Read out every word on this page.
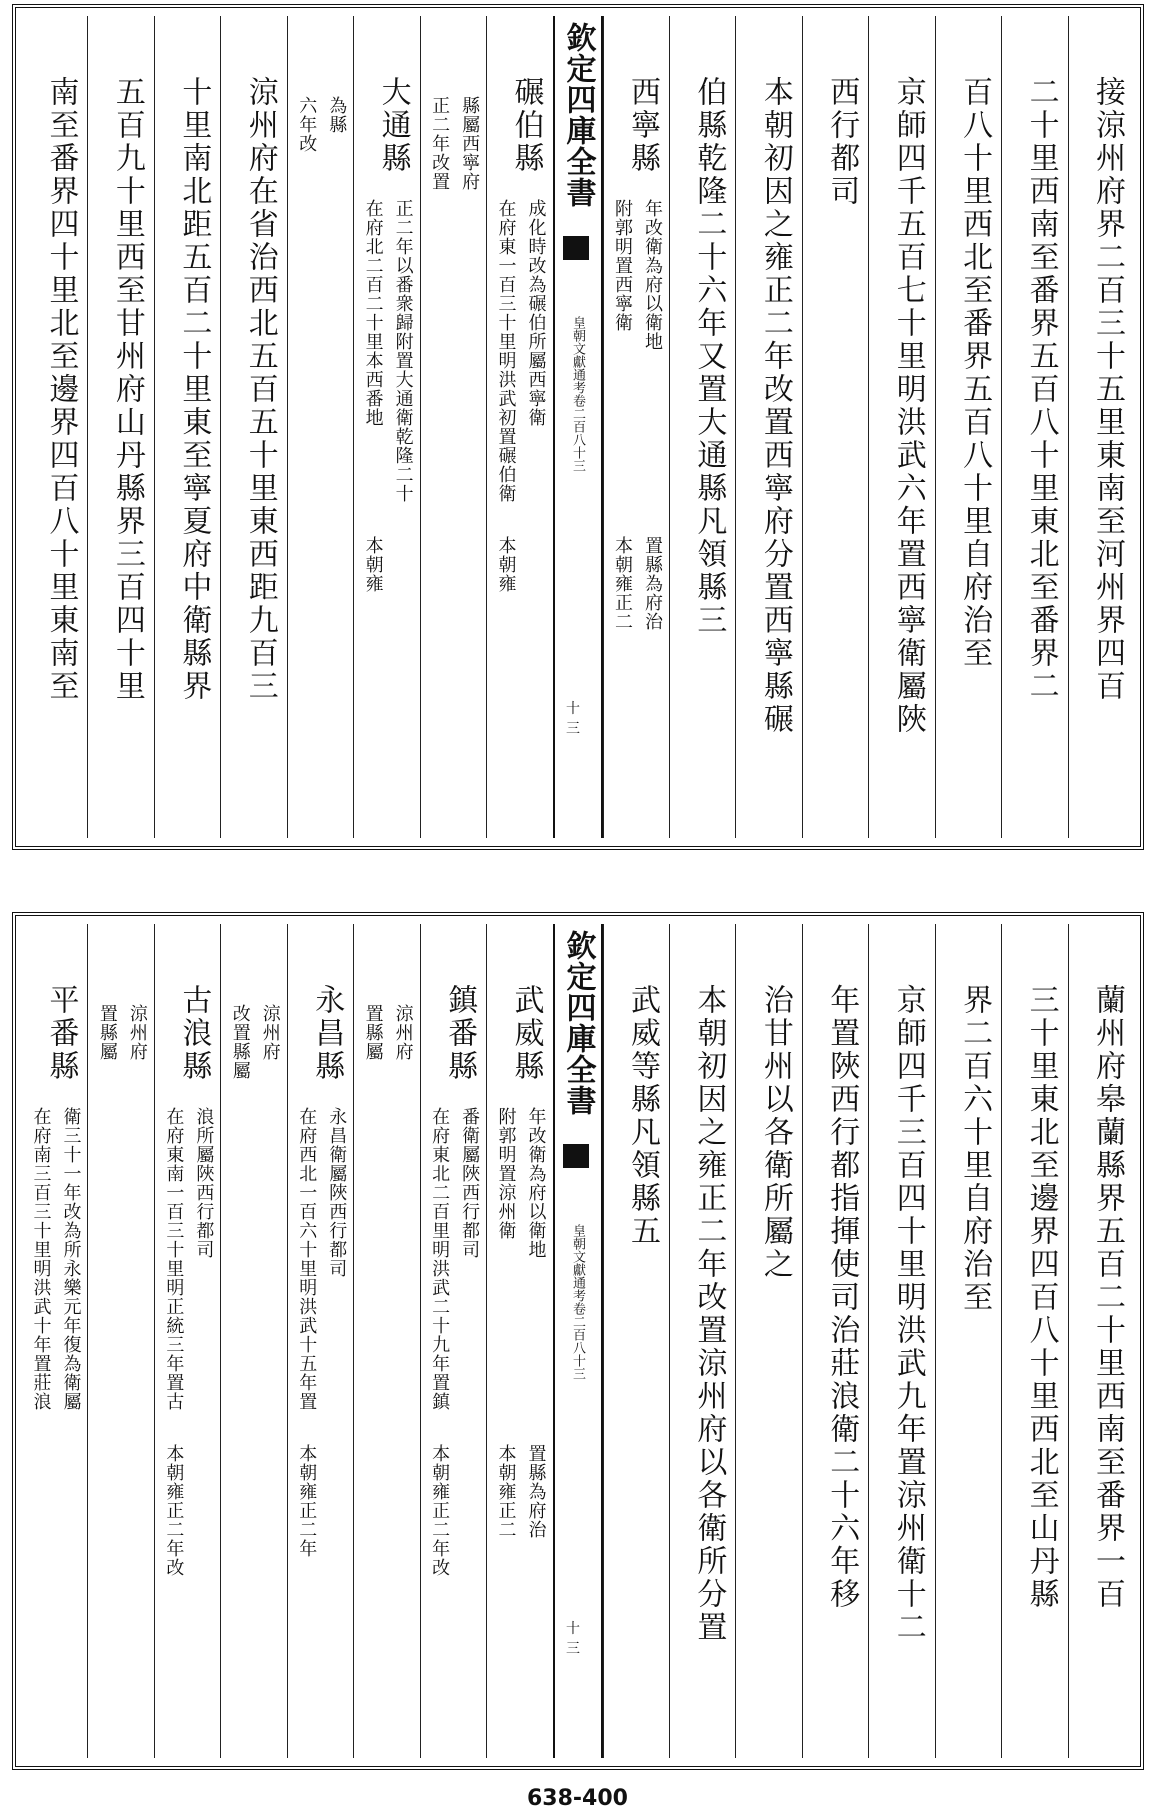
接涼州府界二百三十五里東南至河州界四百
二十里西南至番界五百八十里東北至番界二
百八十里西北至番界五百八十里自府治至
京師四千五百七十里明洪武六年置西寧衛屬陜
西行都司
本朝初因之雍正二年改置西寧府分置西寧縣碾
伯縣乾隆二十六年又置大通縣凡領縣三
西寧縣
附郭明置西寧衛 年改衛為府以衛地
本朝雍正二 置縣為府治
欽定四庫全書
皇朝文獻通考卷二百八十三
十三
碾伯縣
在府東一百三十里明洪武初置碾伯衛 成化時改為碾伯所屬西寧衛
本朝雍
正二年改置 縣屬西寧府
大通縣
在府北二百二十里本西番地 正二年以番衆歸附置大通衛乾隆二十
本朝雍
六年改 為縣
涼州府在省治西北五百五十里東西距九百三
十里南北距五百二十里東至寧夏府中衛縣界
五百九十里西至甘州府山丹縣界三百四十里
南至番界四十里北至邊界四百八十里東南至
蘭州府皋蘭縣界五百二十里西南至番界一百
三十里東北至邊界四百八十里西北至山丹縣
界二百六十里自府治至
京師四千三百四十里明洪武九年置涼州衛十二
年置陜西行都指揮使司治莊浪衛二十六年移
治甘州以各衛所屬之
本朝初因之雍正二年改置涼州府以各衛所分置
武威等縣凡領縣五
欽定四庫全書
皇朝文獻通考卷二百八十三
十三
武威縣
附郭明置涼州衛 年改衛為府以衛地
本朝雍正二 置縣為府治
鎮番縣
在府東北二百里明洪武二十九年置鎮 番衛屬陜西行都司
本朝雍正二年改
置縣屬 涼州府
永昌縣
在府西北一百六十里明洪武十五年置 永昌衛屬陜西行都司
本朝雍正二年
改置縣屬 涼州府
古浪縣
在府東南一百三十里明正統三年置古 浪所屬陜西行都司
本朝雍正二年改
置縣屬 涼州府
平番縣
在府南三百三十里明洪武十年置莊浪 衛三十一年改為所永樂元年復為衛屬
638-400
